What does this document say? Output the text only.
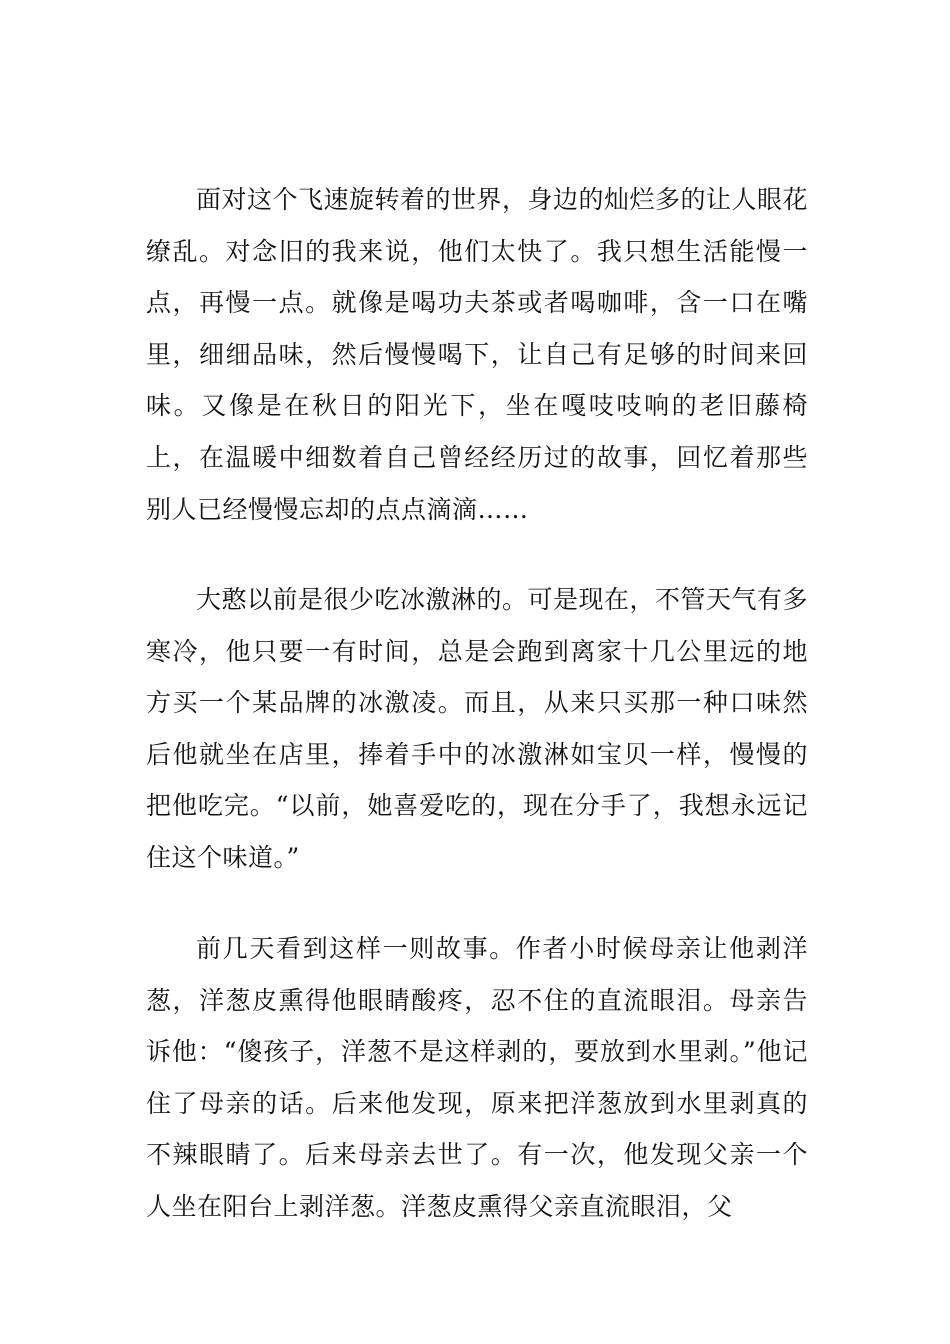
面对这个飞速旋转着的世界，身边的灿烂多的让人眼花缭乱。对念旧的我来说，他们太快了。我只想生活能慢一点，再慢一点。就像是喝功夫茶或者喝咖啡，含一口在嘴里，细细品味，然后慢慢喝下，让自己有足够的时间来回味。又像是在秋日的阳光下，坐在嘎吱吱响的老旧藤椅上，在温暖中细数着自己曾经经历过的故事，回忆着那些别人已经慢慢忘却的点点滴滴……

大憨以前是很少吃冰激淋的。可是现在，不管天气有多寒冷，他只要一有时间，总是会跑到离家十几公里远的地方买一个某品牌的冰激凌。而且，从来只买那一种口味然后他就坐在店里，捧着手中的冰激淋如宝贝一样，慢慢的把他吃完。“以前，她喜爱吃的，现在分手了，我想永远记住这个味道。”

前几天看到这样一则故事。作者小时候母亲让他剥洋葱，洋葱皮熏得他眼睛酸疼，忍不住的直流眼泪。母亲告诉他：“傻孩子，洋葱不是这样剥的，要放到水里剥。”他记住了母亲的话。后来他发现，原来把洋葱放到水里剥真的不辣眼睛了。后来母亲去世了。有一次，他发现父亲一个人坐在阳台上剥洋葱。洋葱皮熏得父亲直流眼泪，父
